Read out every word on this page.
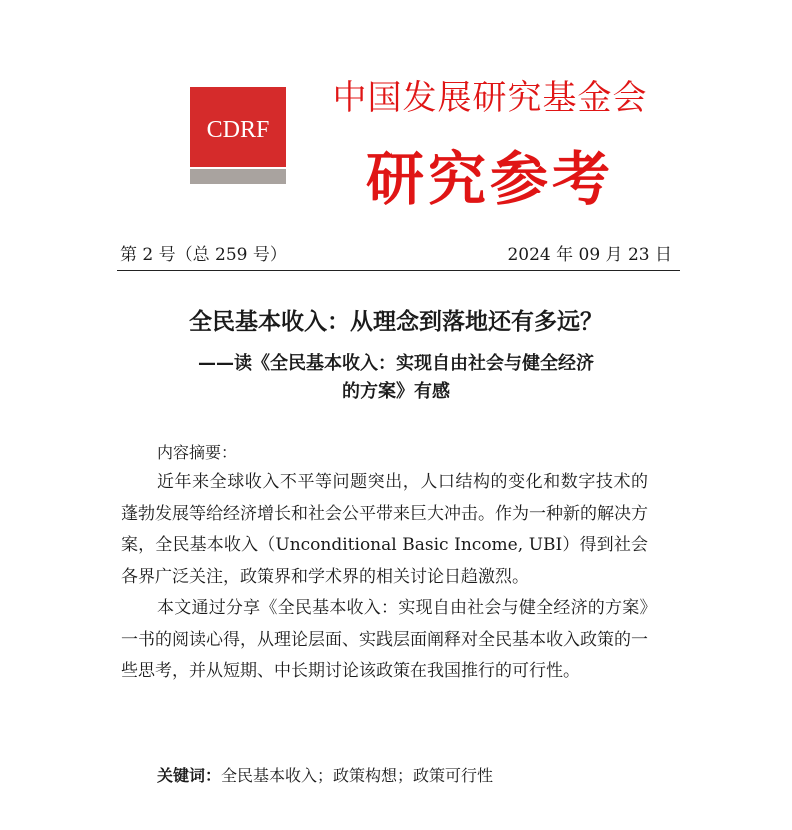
CDRF
中国发展研究基金会
研究参考
第 2 号（总 259 号）	2024 年 09 月 23 日
全民基本收入：从理念到落地还有多远？
——读《全民基本收入：实现自由社会与健全经济
的方案》有感
内容摘要：

近年来全球收入不平等问题突出，人口结构的变化和数字技术的蓬勃发展等给经济增长和社会公平带来巨大冲击。作为一种新的解决方案，全民基本收入（Unconditional Basic Income, UBI）得到社会各界广泛关注，政策界和学术界的相关讨论日趋激烈。

本文通过分享《全民基本收入：实现自由社会与健全经济的方案》一书的阅读心得，从理论层面、实践层面阐释对全民基本收入政策的一些思考，并从短期、中长期讨论该政策在我国推行的可行性。

关键词：全民基本收入；政策构想；政策可行性
